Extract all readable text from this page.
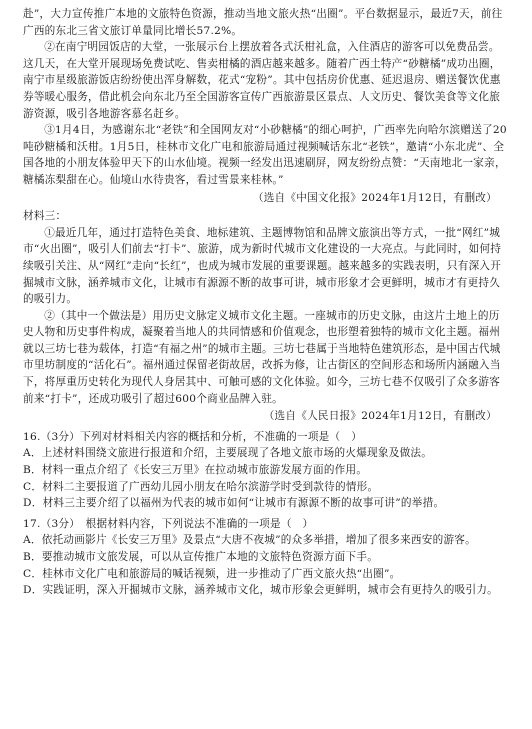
赴”，大力宣传推广本地的文旅特色资源，推动当地文旅火热“出圈”。平台数据显示，最近7天，前往广西的东北三省文旅订单量同比增长57.2%。

②在南宁明园饭店的大堂，一张展示台上摆放着各式沃柑礼盒，入住酒店的游客可以免费品尝。这几天，在大堂开展现场免费试吃、售卖柑橘的酒店越来越多。随着广西土特产“砂糖橘”成功出圈，南宁市星级旅游饭店纷纷使出浑身解数，花式“宠粉”。其中包括房价优惠、延迟退房、赠送餐饮优惠券等暖心服务，借此机会向东北乃至全国游客宣传广西旅游景区景点、人文历史、餐饮美食等文化旅游资源，吸引各地游客慕名赶乡。

③1月4日，为感谢东北“老铁”和全国网友对“小砂糖橘”的细心呵护，广西率先向哈尔滨赠送了20吨砂糖橘和沃柑。1月5日，桂林市文化广电和旅游局通过视频喊话东北“老铁”，邀请“小东北虎”、全国各地的小朋友体验甲天下的山水仙境。视频一经发出迅速刷屏，网友纷纷点赞：“天南地北一家亲，糖橘冻梨甜在心。仙境山水待贵客，看过雪景来桂林。”

（选自《中国文化报》2024年1月12日，有删改）

材料三：

①最近几年，通过打造特色美食、地标建筑、主题博物馆和品牌文旅演出等方式，一批“网红”城市“火出圈”，吸引人们前去“打卡”、旅游，成为新时代城市文化建设的一大亮点。与此同时，如何持续吸引关注、从“网红”走向“长红”，也成为城市发展的重要课题。越来越多的实践表明，只有深入开掘城市文脉，涵养城市文化，让城市有源源不断的故事可讲，城市形象才会更鲜明，城市才有更持久的吸引力。

②（其中一个做法是）用历史文脉定义城市文化主题。一座城市的历史文脉，由这片土地上的历史人物和历史事件构成，凝聚着当地人的共同情感和价值观念，也形塑着独特的城市文化主题。福州就以三坊七巷为载体，打造“有福之州”的城市主题。三坊七巷属于当地特色建筑形态，是中国古代城市里坊制度的“活化石”。福州通过保留老街故居，改拆为修，让古街区的空间形态和场所内涵融入当下，将厚重历史转化为现代人身居其中、可触可感的文化体验。如今，三坊七巷不仅吸引了众多游客前来“打卡”，还成功吸引了超过600个商业品牌入驻。

（选自《人民日报》2024年1月12日，有删改）

16.（3分）下列对材料相关内容的概括和分析，不准确的一项是（　）

A．上述材料围绕文旅进行报道和介绍，主要展现了各地文旅市场的火爆现象及做法。

B．材料一重点介绍了《长安三万里》在拉动城市旅游发展方面的作用。

C．材料二主要报道了广西幼儿园小朋友在哈尔滨游学时受到款待的情形。

D．材料三主要介绍了以福州为代表的城市如何“让城市有源源不断的故事可讲”的举措。

17.（3分）　根据材料内容，下列说法不准确的一项是（　）

A．依托动画影片《长安三万里》及景点“大唐不夜城”的众多举措，增加了很多来西安的游客。

B．要推动城市文旅发展，可以从宣传推广本地的文旅特色资源方面下手。

C．桂林市文化广电和旅游局的喊话视频，进一步推动了广西文旅火热“出圈”。

D．实践证明，深入开掘城市文脉，涵养城市文化，城市形象会更鲜明，城市会有更持久的吸引力。
